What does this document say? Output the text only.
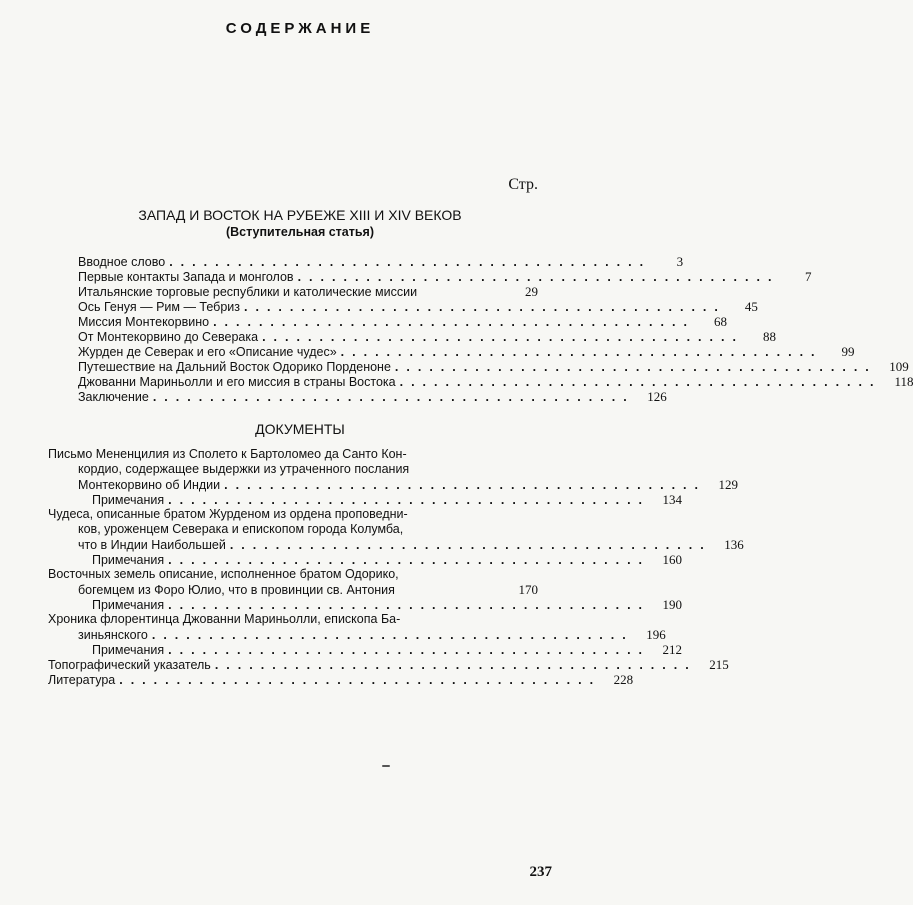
СОДЕРЖАНИЕ
Стр.
ЗАПАД И ВОСТОК НА РУБЕЖЕ XIII И XIV ВЕКОВ
(Вступительная статья)
Вводное слово ..........................................	3
Первые контакты Запада и монголов ..........................................	7
Итальянские торговые республики и католические миссии	29
Ось Генуя — Рим — Тебриз ..........................................	45
Миссия Монтекорвино ..........................................	68
От Монтекорвино до Северака ..........................................	88
Журден де Северак и его «Описание чудес» ..........................................	99
Путешествие на Дальний Восток Одорико Порденоне .......................................... 109
Джованни Мариньолли и его миссия в страны Востока .......................................... 118
Заключение .......................................... 126
ДОКУМЕНТЫ
Письмо Мененцилия из Сполето к Бартоломео да Санто Кон-
кордио, содержащее выдержки из утраченного послания
Монтекорвино об Индии .......................................... 129
Примечания .......................................... 134
Чудеса, описанные братом Журденом из ордена проповедни-
ков, уроженцем Северака и епископом города Колумба,
что в Индии Наибольшей .......................................... 136
Примечания .......................................... 160
Восточных земель описание, исполненное братом Одорико,
богемцем из Форо Юлио, что в провинции св. Антония	170
Примечания .......................................... 190
Хроника флорентинца Джованни Мариньолли, епископа Ба-
зиньянского .......................................... 196
Примечания .......................................... 212
Топографический указатель .......................................... 215
Литература .......................................... 228
237
